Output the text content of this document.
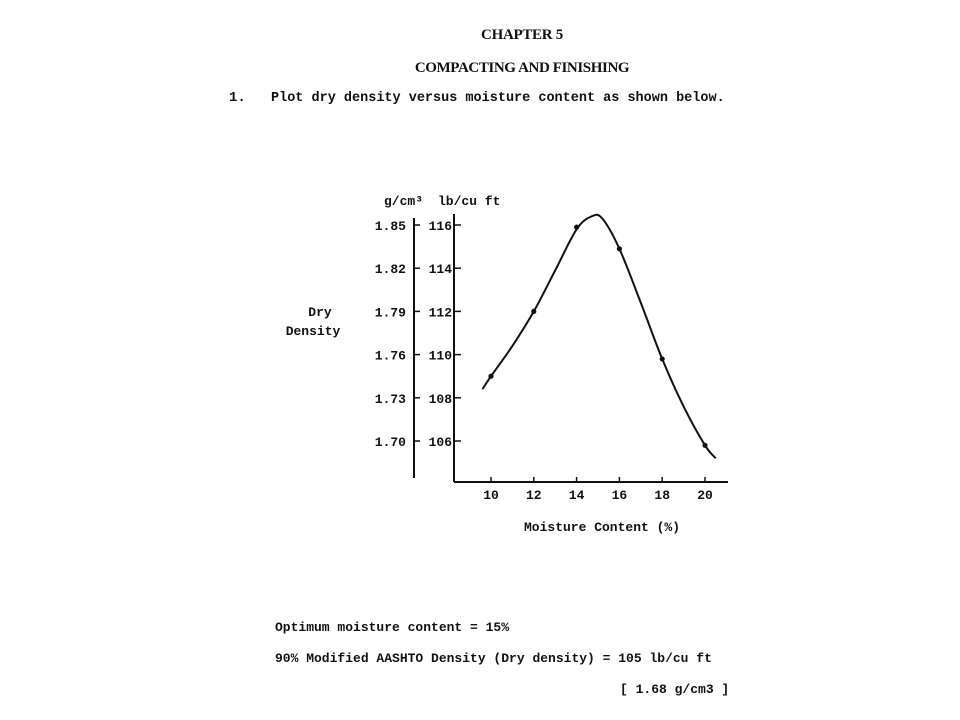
CHAPTER 5
COMPACTING AND FINISHING
1. Plot dry density versus moisture content as shown below.
g/cm³ lb/cu ft
Dry
Density
Moisture Content (%)
10 12 14 16 18 20
106
108
110
112
114
116
1.70
1.73
1.76
1.79
1.82
1.85
Optimum moisture content = 15%
90% Modified AASHTO Density (Dry density) = 105 lb/cu ft
[ 1.68 g/cm3 ]
